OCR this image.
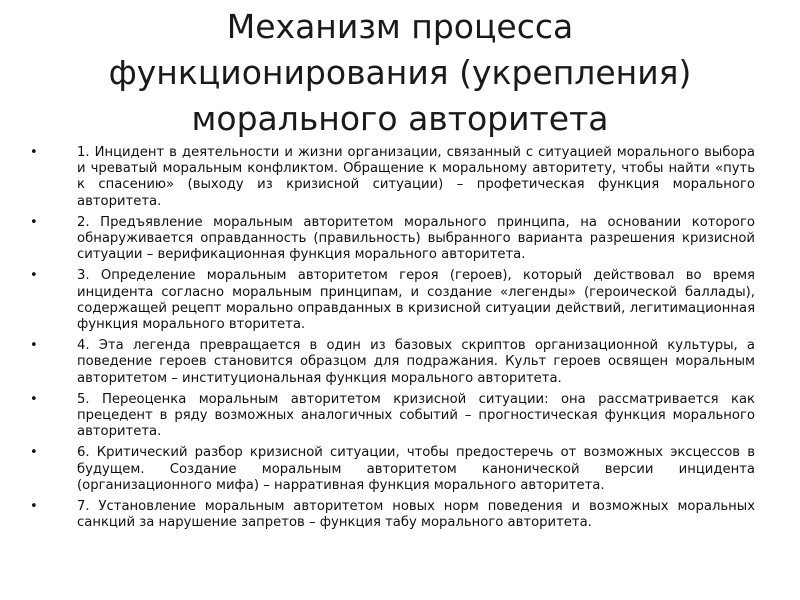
Механизм процесса функционирования (укрепления) морального авторитета
•	1. Инцидент в деятельности и жизни организации, связанный с ситуацией морального выбора и чреватый моральным конфликтом. Обращение к моральному авторитету, чтобы найти «путь к спасению» (выходу из кризисной ситуации) – профетическая функция морального авторитета.
•	2. Предъявление моральным авторитетом морального принципа, на основании которого обнаруживается оправданность (правильность) выбранного варианта разрешения кризисной ситуации – верификационная функция морального авторитета.
•	3. Определение моральным авторитетом героя (героев), который действовал во время инцидента согласно моральным принципам, и создание «легенды» (героической баллады), содержащей рецепт морально оправданных в кризисной ситуации действий, легитимационная функция морального вторитета.
•	4. Эта легенда превращается в один из базовых скриптов организационной культуры, а поведение героев становится образцом для подражания. Культ героев освящен моральным авторитетом – институциональная функция морального авторитета.
•	5. Переоценка моральным авторитетом кризисной ситуации: она рассматривается как прецедент в ряду возможных аналогичных событий – прогностическая функция морального авторитета.
•	6. Критический разбор кризисной ситуации, чтобы предостеречь от возможных эксцессов в будущем. Создание моральным авторитетом канонической версии инцидента (организационного мифа) – нарративная функция морального авторитета.
•	7. Установление моральным авторитетом новых норм поведения и возможных моральных санкций за нарушение запретов – функция табу морального авторитета.
